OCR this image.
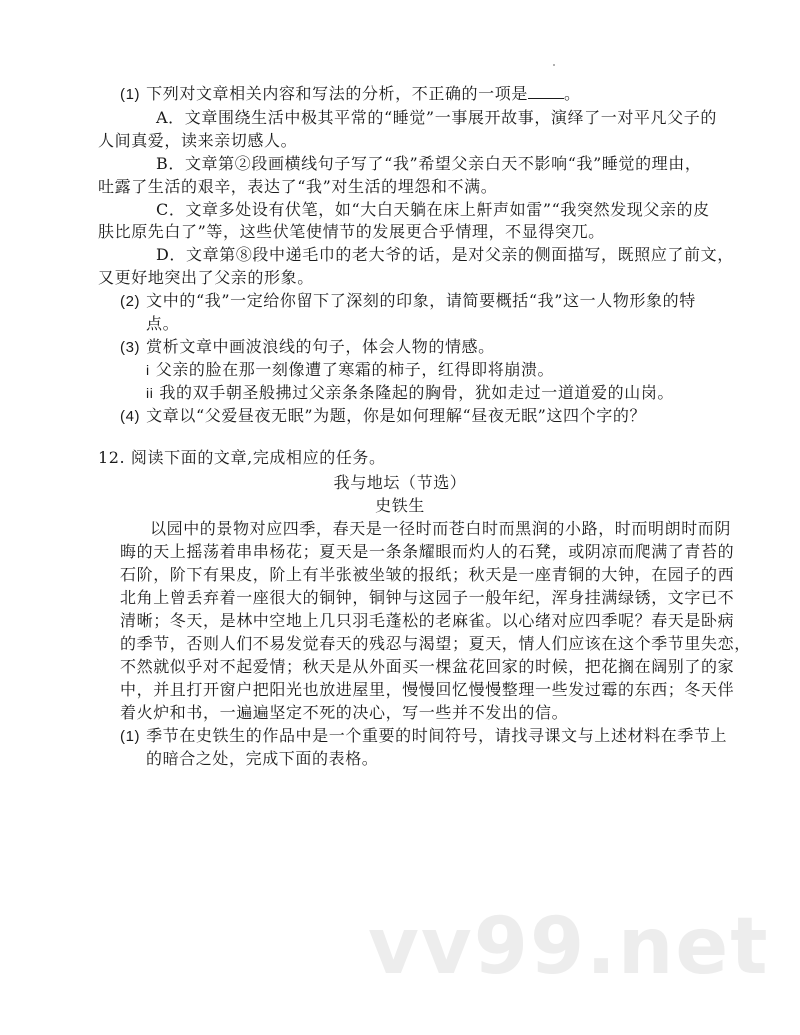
(1) 下列对文章相关内容和写法的分析，不正确的一项是 。
A．文章围绕生活中极其平常的“睡觉”一事展开故事，演绎了一对平凡父子的
人间真爱，读来亲切感人。
B．文章第②段画横线句子写了“我”希望父亲白天不影响“我”睡觉的理由，
吐露了生活的艰辛，表达了“我”对生活的埋怨和不满。
C．文章多处设有伏笔，如“大白天躺在床上鼾声如雷”“我突然发现父亲的皮
肤比原先白了”等，这些伏笔使情节的发展更合乎情理，不显得突兀。
D．文章第⑧段中递毛巾的老大爷的话，是对父亲的侧面描写，既照应了前文，
又更好地突出了父亲的形象。
(2) 文中的“我”一定给你留下了深刻的印象，请简要概括“我”这一人物形象的特
点。
(3) 赏析文章中画波浪线的句子，体会人物的情感。
i 父亲的脸在那一刻像遭了寒霜的柿子，红得即将崩溃。
ii 我的双手朝圣般拂过父亲条条隆起的胸骨，犹如走过一道道爱的山岗。
(4) 文章以“父爱昼夜无眠”为题，你是如何理解“昼夜无眠”这四个字的？
12. 阅读下面的文章,完成相应的任务。
我与地坛（节选）
史铁生
以园中的景物对应四季，春天是一径时而苍白时而黑润的小路，时而明朗时而阴
晦的天上摇荡着串串杨花；夏天是一条条耀眼而灼人的石凳，或阴凉而爬满了青苔的
石阶，阶下有果皮，阶上有半张被坐皱的报纸；秋天是一座青铜的大钟，在园子的西
北角上曾丢弃着一座很大的铜钟，铜钟与这园子一般年纪，浑身挂满绿锈，文字已不
清晰；冬天，是林中空地上几只羽毛蓬松的老麻雀。以心绪对应四季呢？春天是卧病
的季节，否则人们不易发觉春天的残忍与渴望；夏天，情人们应该在这个季节里失恋，
不然就似乎对不起爱情；秋天是从外面买一棵盆花回家的时候，把花搁在阔别了的家
中，并且打开窗户把阳光也放进屋里，慢慢回忆慢慢整理一些发过霉的东西；冬天伴
着火炉和书，一遍遍坚定不死的决心，写一些并不发出的信。
(1) 季节在史铁生的作品中是一个重要的时间符号，请找寻课文与上述材料在季节上
的暗合之处，完成下面的表格。
vv99.net
